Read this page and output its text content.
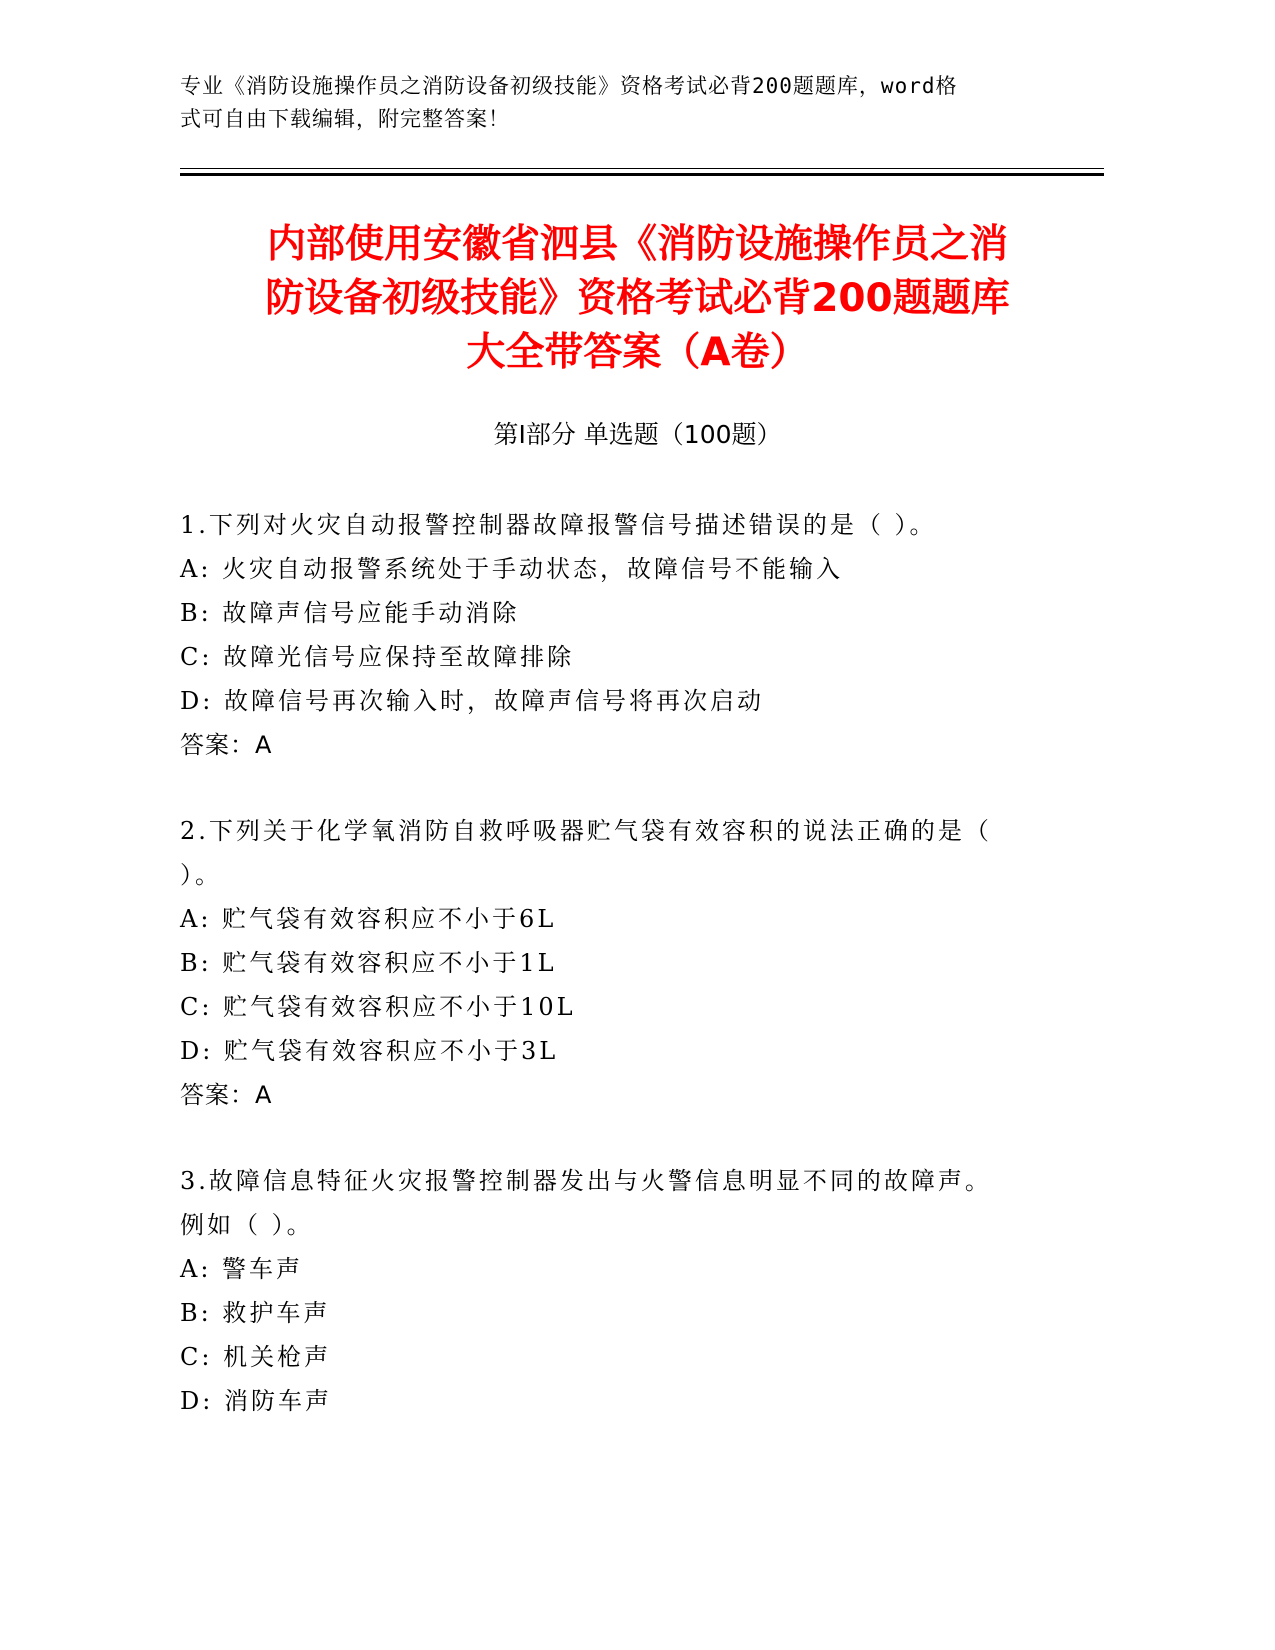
专业《消防设施操作员之消防设备初级技能》资格考试必背200题题库，word格
式可自由下载编辑，附完整答案！
内部使用安徽省泗县《消防设施操作员之消
防设备初级技能》资格考试必背200题题库
大全带答案（A卷）
第I部分 单选题（100题）
1.下列对火灾自动报警控制器故障报警信号描述错误的是（ ）。
A: 火灾自动报警系统处于手动状态，故障信号不能输入
B: 故障声信号应能手动消除
C: 故障光信号应保持至故障排除
D: 故障信号再次输入时，故障声信号将再次启动
答案：A
2.下列关于化学氧消防自救呼吸器贮气袋有效容积的说法正确的是（
）。
A: 贮气袋有效容积应不小于6L
B: 贮气袋有效容积应不小于1L
C: 贮气袋有效容积应不小于10L
D: 贮气袋有效容积应不小于3L
答案：A
3.故障信息特征火灾报警控制器发出与火警信息明显不同的故障声。
例如（ ）。
A: 警车声
B: 救护车声
C: 机关枪声
D: 消防车声
